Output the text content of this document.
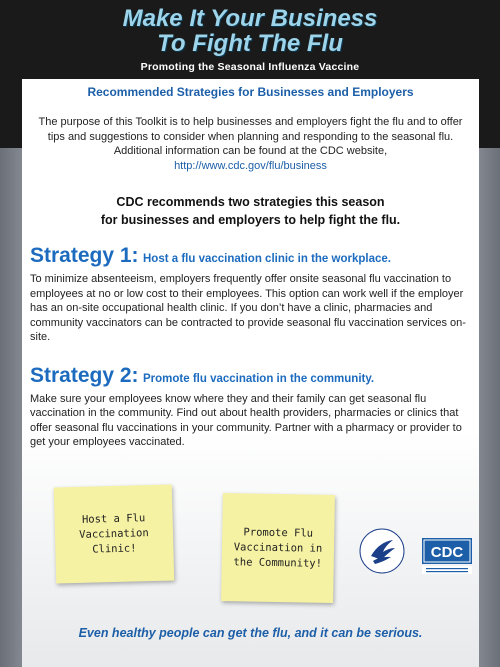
Make It Your Business
To Fight The Flu
Promoting the Seasonal Influenza Vaccine
Recommended Strategies for Businesses and Employers
The purpose of this Toolkit is to help businesses and employers fight the flu and to offer tips and suggestions to consider when planning and responding to the seasonal flu. Additional information can be found at the CDC website,
http://www.cdc.gov/flu/business
CDC recommends two strategies this season
for businesses and employers to help fight the flu.
Strategy 1: Host a flu vaccination clinic in the workplace.
To minimize absenteeism, employers frequently offer onsite seasonal flu vaccination to employees at no or low cost to their employees. This option can work well if the employer has an on-site occupational health clinic. If you don’t have a clinic, pharmacies and community vaccinators can be contracted to provide seasonal flu vaccination services on-site.
Strategy 2: Promote flu vaccination in the community.
Make sure your employees know where they and their family can get seasonal flu vaccination in the community. Find out about health providers, pharmacies or clinics that offer seasonal flu vaccinations in your community. Partner with a pharmacy or provider to get your employees vaccinated.
Host a Flu
Vaccination Clinic!
Promote Flu
Vaccination in
the Community!
CDC
Even healthy people can get the flu, and it can be serious.
